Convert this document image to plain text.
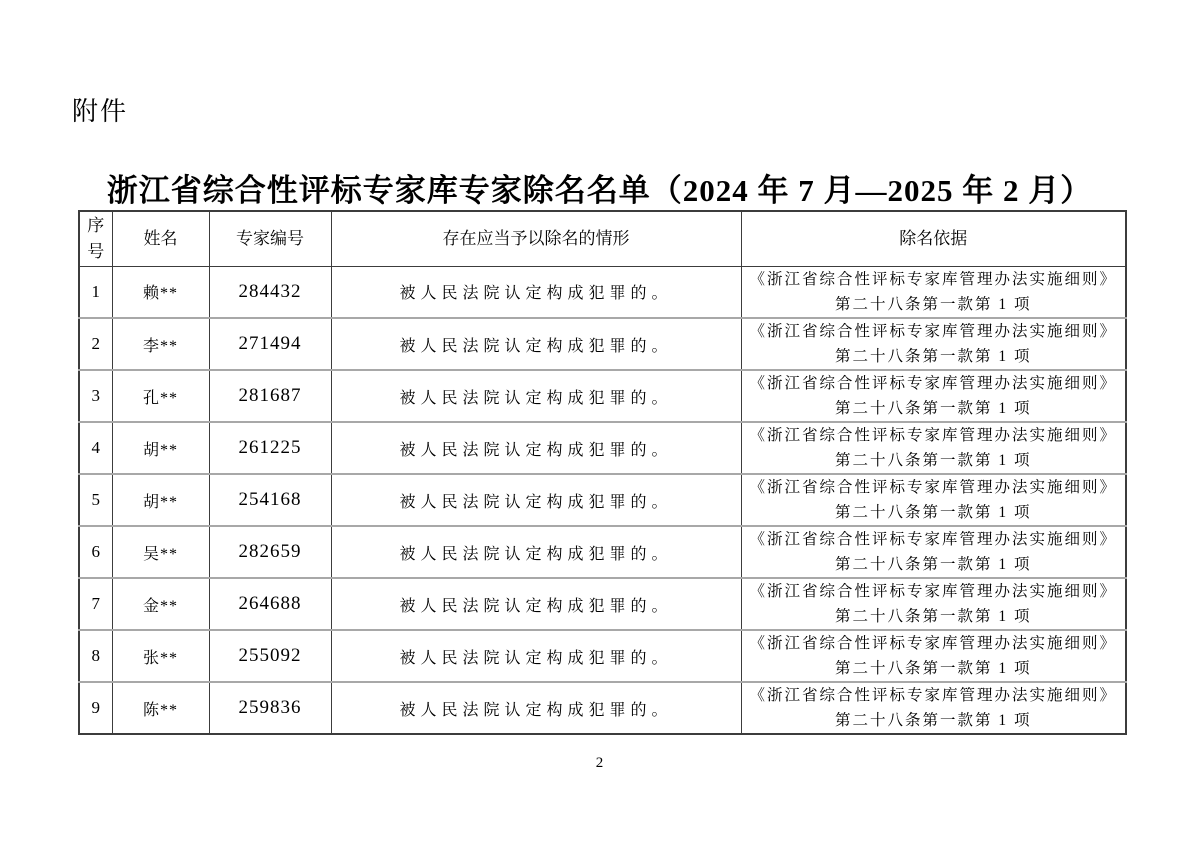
附件
浙江省综合性评标专家库专家除名名单（2024 年 7 月—2025 年 2 月）
序号	姓名	专家编号	存在应当予以除名的情形	除名依据
1	赖**	284432	被人民法院认定构成犯罪的。	《浙江省综合性评标专家库管理办法实施细则》
第二十八条第一款第 1 项

2	李**	271494	被人民法院认定构成犯罪的。	《浙江省综合性评标专家库管理办法实施细则》
第二十八条第一款第 1 项

3	孔**	281687	被人民法院认定构成犯罪的。	《浙江省综合性评标专家库管理办法实施细则》
第二十八条第一款第 1 项

4	胡**	261225	被人民法院认定构成犯罪的。	《浙江省综合性评标专家库管理办法实施细则》
第二十八条第一款第 1 项

5	胡**	254168	被人民法院认定构成犯罪的。	《浙江省综合性评标专家库管理办法实施细则》
第二十八条第一款第 1 项

6	吴**	282659	被人民法院认定构成犯罪的。	《浙江省综合性评标专家库管理办法实施细则》
第二十八条第一款第 1 项

7	金**	264688	被人民法院认定构成犯罪的。	《浙江省综合性评标专家库管理办法实施细则》
第二十八条第一款第 1 项

8	张**	255092	被人民法院认定构成犯罪的。	《浙江省综合性评标专家库管理办法实施细则》
第二十八条第一款第 1 项

9	陈**	259836	被人民法院认定构成犯罪的。	《浙江省综合性评标专家库管理办法实施细则》
第二十八条第一款第 1 项
2
